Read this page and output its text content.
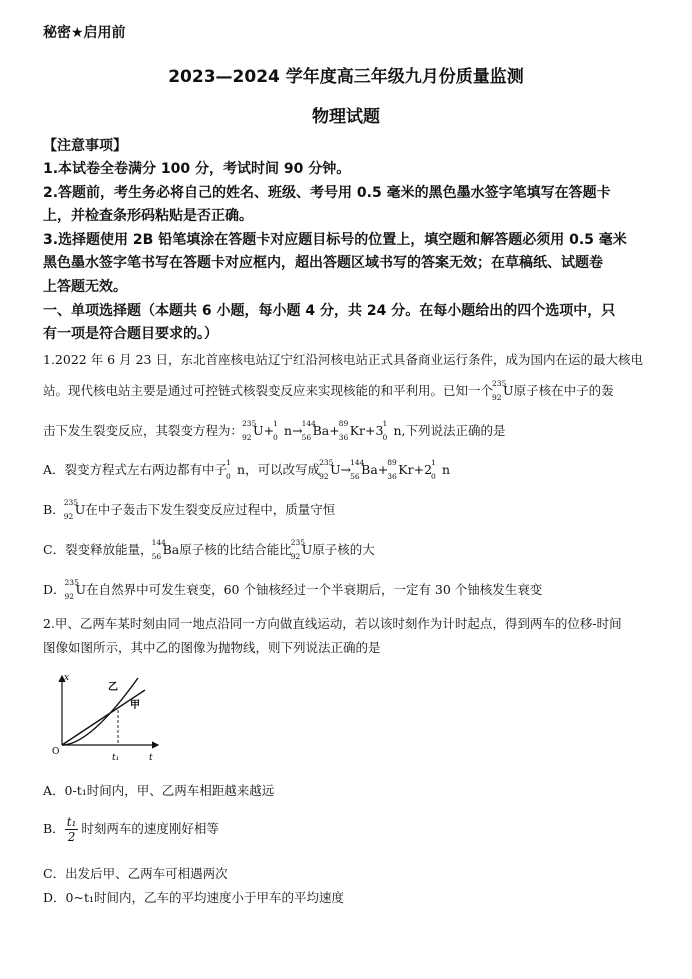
秘密★启用前
2023—2024 学年度高三年级九月份质量监测
物理试题
【注意事项】
1.本试卷全卷满分 100 分，考试时间 90 分钟。
2.答题前，考生务必将自己的姓名、班级、考号用 0.5 毫米的黑色墨水签字笔填写在答题卡
上，并检查条形码粘贴是否正确。
3.选择题使用 2B 铅笔填涂在答题卡对应题目标号的位置上，填空题和解答题必须用 0.5 毫米
黑色墨水签字笔书写在答题卡对应框内，超出答题区域书写的答案无效；在草稿纸、试题卷
上答题无效。
一、单项选择题（本题共 6 小题，每小题 4 分，共 24 分。在每小题给出的四个选项中，只
有一项是符合题目要求的。）
1.2022 年 6 月 23 日，东北首座核电站辽宁红沿河核电站正式具备商业运行条件，成为国内在运的最大核电
站。现代核电站主要是通过可控链式核裂变反应来实现核能的和平利用。已知一个 235
92 U原子核在中子的轰
击下发生裂变反应，其裂变方程为： 235
92 U+ 1
0 n→ 144
56 Ba+ 89
36 Kr+3 1
0 n,下列说法正确的是
A．裂变方程式左右两边都有中子 1
0 n，可以改写成 235
92 U→ 144
56 Ba+ 89
36 Kr+2 1
0 n
B． 235
92 U在中子轰击下发生裂变反应过程中，质量守恒
C．裂变释放能量， 144
56 Ba原子核的比结合能比 235
92 U原子核的大
D． 235
92 U在自然界中可发生衰变，60 个铀核经过一个半衰期后，一定有 30 个铀核发生衰变
2.甲、乙两车某时刻由同一地点沿同一方向做直线运动，若以该时刻作为计时起点，得到两车的位移-时间
图像如图所示，其中乙的图像为抛物线，则下列说法正确的是
x
t
O
t₁
乙
甲
A．0-t₁时间内，甲、乙两车相距越来越远
B． $\frac{\text{t₁}}{2}$ 时刻两车的速度刚好相等
C．出发后甲、乙两车可相遇两次
D．0~t₁时间内，乙车的平均速度小于甲车的平均速度
